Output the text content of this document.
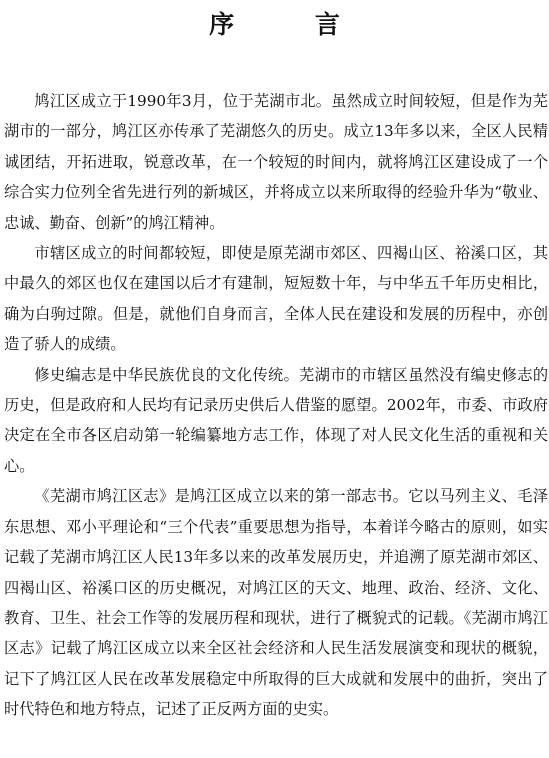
序 言

鸠江区成立于1990年3月，位于芜湖市北。虽然成立时间较短，但是作为芜湖市的一部分，鸠江区亦传承了芜湖悠久的历史。成立13年多以来，全区人民精诚团结，开拓进取，锐意改革，在一个较短的时间内，就将鸠江区建设成了一个综合实力位列全省先进行列的新城区，并将成立以来所取得的经验升华为“敬业、忠诚、勤奋、创新”的鸠江精神。

市辖区成立的时间都较短，即使是原芜湖市郊区、四褐山区、裕溪口区，其中最久的郊区也仅在建国以后才有建制，短短数十年，与中华五千年历史相比，确为白驹过隙。但是，就他们自身而言，全体人民在建设和发展的历程中，亦创造了骄人的成绩。

修史编志是中华民族优良的文化传统。芜湖市的市辖区虽然没有编史修志的历史，但是政府和人民均有记录历史供后人借鉴的愿望。2002年，市委、市政府决定在全市各区启动第一轮编纂地方志工作，体现了对人民文化生活的重视和关心。

《芜湖市鸠江区志》是鸠江区成立以来的第一部志书。它以马列主义、毛泽东思想、邓小平理论和“三个代表”重要思想为指导，本着详今略古的原则，如实记载了芜湖市鸠江区人民13年多以来的改革发展历史，并追溯了原芜湖市郊区、四褐山区、裕溪口区的历史概况，对鸠江区的天文、地理、政治、经济、文化、教育、卫生、社会工作等的发展历程和现状，进行了概貌式的记载。《芜湖市鸠江区志》记载了鸠江区成立以来全区社会经济和人民生活发展演变和现状的概貌，记下了鸠江区人民在改革发展稳定中所取得的巨大成就和发展中的曲折，突出了时代特色和地方特点，记述了正反两方面的史实。
